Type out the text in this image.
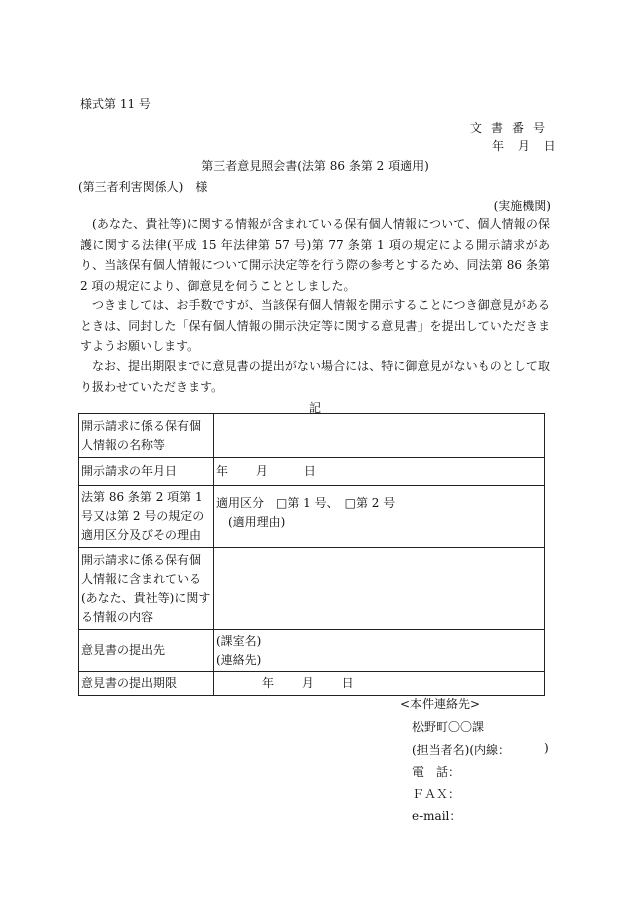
様式第 11 号
文書番号
年 月 日
第三者意見照会書(法第 86 条第 2 項適用)
(第三者利害関係人)　様
(実施機関)

(あなた、貴社等)に関する情報が含まれている保有個人情報について、個人情報の保護に関する法律(平成 15 年法律第 57 号)第 77 条第 1 項の規定による開示請求があり、当該保有個人情報について開示決定等を行う際の参考とするため、同法第 86 条第 2 項の規定により、御意見を伺うこととしました。

つきましては、お手数ですが、当該保有個人情報を開示することにつき御意見があるときは、同封した「保有個人情報の開示決定等に関する意見書」を提出していただきますようお願いします。

なお、提出期限までに意見書の提出がない場合には、特に御意見がないものとして取り扱わせていただきます。

記
開示請求に係る保有個人情報の名称等	
開示請求の年月日	年　　 月　　　日
法第 86 条第 2 項第 1 号又は第 2 号の規定の適用区分及びその理由	適用区分　□第 1 号、　□第 2 号
(適用理由)

開示請求に係る保有個人情報に含まれている(あなた、貴社等)に関する情報の内容	
意見書の提出先	(課室名)
(連絡先)

意見書の提出期限	年　　 月　　 日
<本件連絡先>
松野町〇〇課
(担当者名)(内線：	)
電　話：
ＦＡＸ：
e-mail：
